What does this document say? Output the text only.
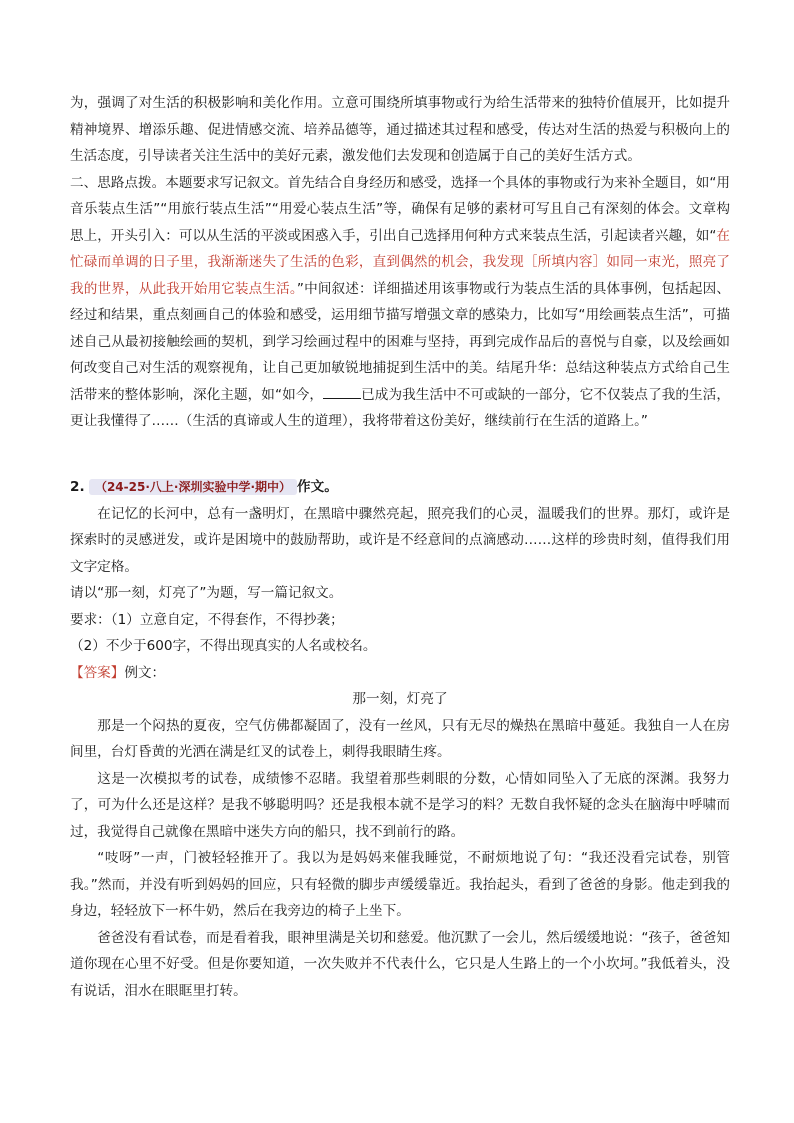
为，强调了对生活的积极影响和美化作用。立意可围绕所填事物或行为给生活带来的独特价值展开，比如提升精神境界、增添乐趣、促进情感交流、培养品德等，通过描述其过程和感受，传达对生活的热爱与积极向上的生活态度，引导读者关注生活中的美好元素，激发他们去发现和创造属于自己的美好生活方式。

二、思路点拨。本题要求写记叙文。首先结合自身经历和感受，选择一个具体的事物或行为来补全题目，如“用音乐装点生活”“用旅行装点生活”“用爱心装点生活”等，确保有足够的素材可写且自己有深刻的体会。文章构思上，开头引入：可以从生活的平淡或困惑入手，引出自己选择用何种方式来装点生活，引起读者兴趣，如“在忙碌而单调的日子里，我渐渐迷失了生活的色彩，直到偶然的机会，我发现［所填内容］如同一束光，照亮了我的世界，从此我开始用它装点生活。”中间叙述：详细描述用该事物或行为装点生活的具体事例，包括起因、经过和结果，重点刻画自己的体验和感受，运用细节描写增强文章的感染力，比如写“用绘画装点生活”，可描述自己从最初接触绘画的契机，到学习绘画过程中的困难与坚持，再到完成作品后的喜悦与自豪，以及绘画如何改变自己对生活的观察视角，让自己更加敏锐地捕捉到生活中的美。结尾升华：总结这种装点方式给自己生活带来的整体影响，深化主题，如“如今，	已成为我生活中不可或缺的一部分，它不仅装点了我的生活，更让我懂得了……（生活的真谛或人生的道理），我将带着这份美好，继续前行在生活的道路上。”

2. （24-25·八上·深圳实验中学·期中） 作文。

在记忆的长河中，总有一盏明灯，在黑暗中骤然亮起，照亮我们的心灵，温暖我们的世界。那灯，或许是探索时的灵感迸发，或许是困境中的鼓励帮助，或许是不经意间的点滴感动……这样的珍贵时刻，值得我们用文字定格。

请以“那一刻，灯亮了”为题，写一篇记叙文。

要求：（1）立意自定，不得套作，不得抄袭；

（2）不少于600字，不得出现真实的人名或校名。

【答案】例文：

那一刻，灯亮了

那是一个闷热的夏夜，空气仿佛都凝固了，没有一丝风，只有无尽的燥热在黑暗中蔓延。我独自一人在房间里，台灯昏黄的光洒在满是红叉的试卷上，刺得我眼睛生疼。

这是一次模拟考的试卷，成绩惨不忍睹。我望着那些刺眼的分数，心情如同坠入了无底的深渊。我努力了，可为什么还是这样？是我不够聪明吗？还是我根本就不是学习的料？无数自我怀疑的念头在脑海中呼啸而过，我觉得自己就像在黑暗中迷失方向的船只，找不到前行的路。

“吱呀”一声，门被轻轻推开了。我以为是妈妈来催我睡觉，不耐烦地说了句：“我还没看完试卷，别管我。”然而，并没有听到妈妈的回应，只有轻微的脚步声缓缓靠近。我抬起头，看到了爸爸的身影。他走到我的身边，轻轻放下一杯牛奶，然后在我旁边的椅子上坐下。

爸爸没有看试卷，而是看着我，眼神里满是关切和慈爱。他沉默了一会儿，然后缓缓地说：“孩子，爸爸知道你现在心里不好受。但是你要知道，一次失败并不代表什么，它只是人生路上的一个小坎坷。”我低着头，没有说话，泪水在眼眶里打转。
